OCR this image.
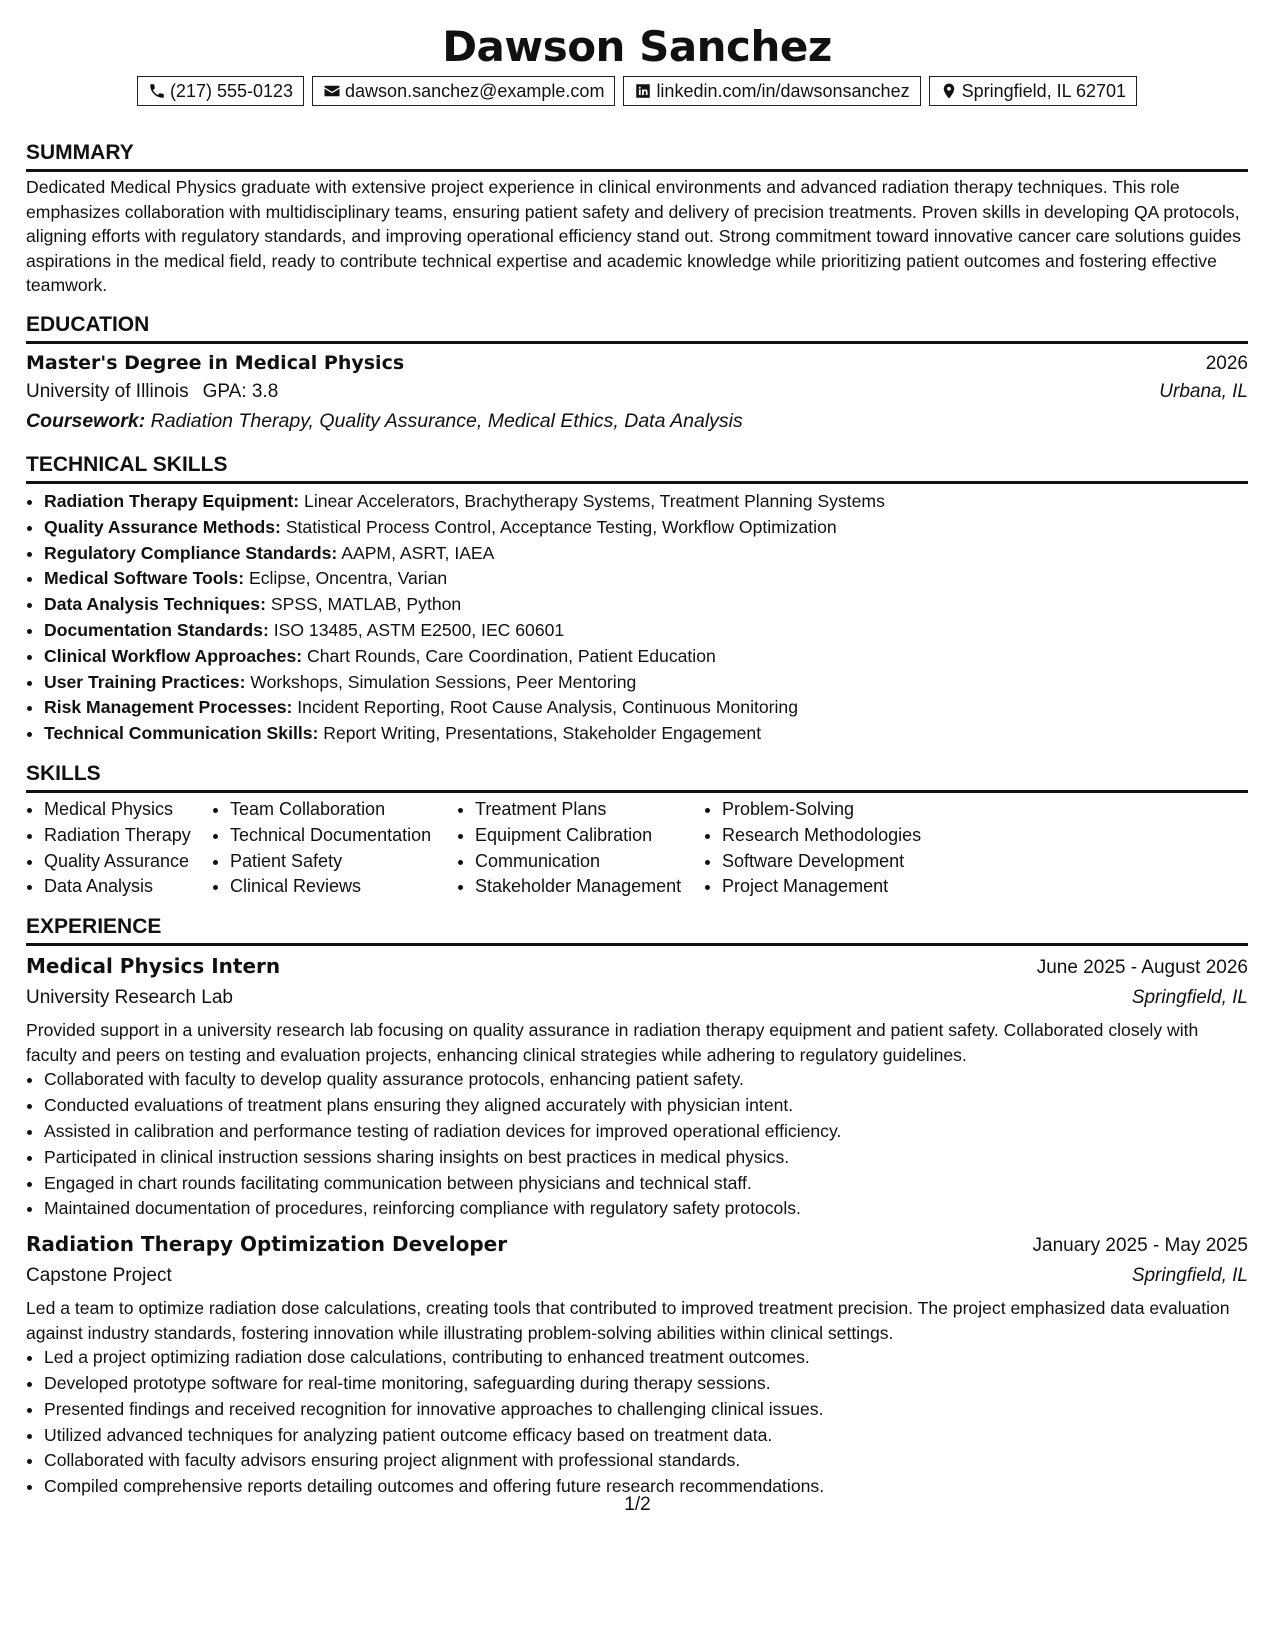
Dawson Sanchez
(217) 555-0123	dawson.sanchez@example.com	linkedin.com/in/dawsonsanchez	Springfield, IL 62701
SUMMARY

Dedicated Medical Physics graduate with extensive project experience in clinical environments and advanced radiation therapy techniques. This role emphasizes collaboration with multidisciplinary teams, ensuring patient safety and delivery of precision treatments. Proven skills in developing QA protocols, aligning efforts with regulatory standards, and improving operational efficiency stand out. Strong commitment toward innovative cancer care solutions guides aspirations in the medical field, ready to contribute technical expertise and academic knowledge while prioritizing patient outcomes and fostering effective teamwork.

EDUCATION
Master's Degree in Medical Physics	2026
University of Illinois GPA: 3.8	Urbana, IL
Coursework: Radiation Therapy, Quality Assurance, Medical Ethics, Data Analysis
TECHNICAL SKILLS
• Radiation Therapy Equipment: Linear Accelerators, Brachytherapy Systems, Treatment Planning Systems
• Quality Assurance Methods: Statistical Process Control, Acceptance Testing, Workflow Optimization
• Regulatory Compliance Standards: AAPM, ASRT, IAEA
• Medical Software Tools: Eclipse, Oncentra, Varian
• Data Analysis Techniques: SPSS, MATLAB, Python
• Documentation Standards: ISO 13485, ASTM E2500, IEC 60601
• Clinical Workflow Approaches: Chart Rounds, Care Coordination, Patient Education
• User Training Practices: Workshops, Simulation Sessions, Peer Mentoring
• Risk Management Processes: Incident Reporting, Root Cause Analysis, Continuous Monitoring
• Technical Communication Skills: Report Writing, Presentations, Stakeholder Engagement
SKILLS
• Medical Physics
• Radiation Therapy
• Quality Assurance
• Data Analysis
• Team Collaboration
• Technical Documentation
• Patient Safety
• Clinical Reviews
• Treatment Plans
• Equipment Calibration
• Communication
• Stakeholder Management
• Problem-Solving
• Research Methodologies
• Software Development
• Project Management
EXPERIENCE
Medical Physics Intern	June 2025 - August 2026
University Research Lab	Springfield, IL

Provided support in a university research lab focusing on quality assurance in radiation therapy equipment and patient safety. Collaborated closely with faculty and peers on testing and evaluation projects, enhancing clinical strategies while adhering to regulatory guidelines.

• Collaborated with faculty to develop quality assurance protocols, enhancing patient safety.
• Conducted evaluations of treatment plans ensuring they aligned accurately with physician intent.
• Assisted in calibration and performance testing of radiation devices for improved operational efficiency.
• Participated in clinical instruction sessions sharing insights on best practices in medical physics.
• Engaged in chart rounds facilitating communication between physicians and technical staff.
• Maintained documentation of procedures, reinforcing compliance with regulatory safety protocols.
Radiation Therapy Optimization Developer	January 2025 - May 2025
Capstone Project	Springfield, IL

Led a team to optimize radiation dose calculations, creating tools that contributed to improved treatment precision. The project emphasized data evaluation against industry standards, fostering innovation while illustrating problem-solving abilities within clinical settings.

• Led a project optimizing radiation dose calculations, contributing to enhanced treatment outcomes.
• Developed prototype software for real-time monitoring, safeguarding during therapy sessions.
• Presented findings and received recognition for innovative approaches to challenging clinical issues.
• Utilized advanced techniques for analyzing patient outcome efficacy based on treatment data.
• Collaborated with faculty advisors ensuring project alignment with professional standards.
• Compiled comprehensive reports detailing outcomes and offering future research recommendations.
1/2
